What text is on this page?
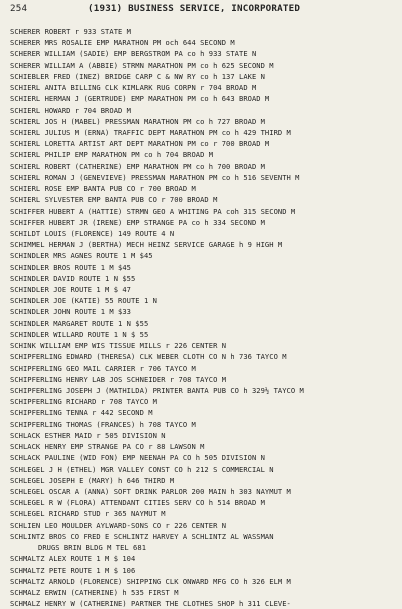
254	(1931) BUSINESS SERVICE, INCORPORATED
SCHERER ROBERT r 933 STATE M
SCHERER MRS ROSALIE EMP MARATHON PM och 644 SECOND M
SCHERER WILLIAM (SADIE) EMP BERGSTROM PA co h 933 STATE N
SCHERER WILLIAM A (ABBIE) STRMN MARATHON PM co h 625 SECOND M
SCHIEBLER FRED (INEZ) BRIDGE CARP C & NW RY co h 137 LAKE N
SCHIERL ANITA BILLING CLK KIMLARK RUG CORPN r 704 BROAD M
SCHIERL HERMAN J (GERTRUDE) EMP MARATHON PM co h 643 BROAD M
SCHIERL HOWARD r 704 BROAD M
SCHIERL JOS H (MABEL) PRESSMAN MARATHON PM co h 727 BROAD M
SCHIERL JULIUS M (ERNA) TRAFFIC DEPT MARATHON PM co h 429 THIRD M
SCHIERL LORETTA ARTIST ART DEPT MARATHON PM co r 700 BROAD M
SCHIERL PHILIP EMP MARATHON PM co h 704 BROAD M
SCHIERL ROBERT (CATHERINE) EMP MARATHON PM co h 700 BROAD M
SCHIERL ROMAN J (GENEVIEVE) PRESSMAN MARATHON PM co h 516 SEVENTH M
SCHIERL ROSE EMP BANTA PUB CO r 700 BROAD M
SCHIERL SYLVESTER EMP BANTA PUB CO r 700 BROAD M
SCHIFFER HUBERT A (HATTIE) STRMN GEO A WHITING PA coh 315 SECOND M
SCHIFFER HUBERT JR (IRENE) EMP STRANGE PA co h 334 SECOND M
SCHILDT LOUIS (FLORENCE) 149 ROUTE 4 N
SCHIMMEL HERMAN J (BERTHA) MECH HEINZ SERVICE GARAGE h 9 HIGH M
SCHINDLER MRS AGNES ROUTE 1 M $45
SCHINDLER BROS ROUTE 1 M $45
SCHINDLER DAVID ROUTE 1 N $55
SCHINDLER JOE ROUTE 1 M $ 47
SCHINDLER JOE (KATIE) 55 ROUTE 1 N
SCHINDLER JOHN ROUTE 1 M $33
SCHINDLER MARGARET ROUTE 1 N $55
SCHINDLER WILLARD ROUTE 1 N $ 55
SCHINK WILLIAM EMP WIS TISSUE MILLS r 226 CENTER N
SCHIPFERLING EDWARD (THERESA) CLK WEBER CLOTH CO N h 736 TAYCO M
SCHIPFERLING GEO MAIL CARRIER r 706 TAYCO M
SCHIPFERLING HENRY LAB JOS SCHNEIDER r 708 TAYCO M
SCHIPFERLING JOSEPH J (MATHILDA) PRINTER BANTA PUB CO h 329½ TAYCO M
SCHIPFERLING RICHARD r 708 TAYCO M
SCHIPFERLING TENNA r 442 SECOND M
SCHIPFERLING THOMAS (FRANCES) h 708 TAYCO M
SCHLACK ESTHER MAID r 505 DIVISION N
SCHLACK HENRY EMP STRANGE PA CO r 88 LAWSON M
SCHLACK PAULINE (WID FON) EMP NEENAH PA CO h 505 DIVISION N
SCHLEGEL J H (ETHEL) MGR VALLEY CONST CO h 212 S COMMERCIAL N
SCHLEGEL JOSEPH E (MARY) h 646 THIRD M
SCHLEGEL OSCAR A (ANNA) SOFT DRINK PARLOR 200 MAIN h 303 NAYMUT M
SCHLEGEL R W (FLORA) ATTENDANT CITIES SERV CO h 514 BROAD M
SCHLEGEL RICHARD STUD r 365 NAYMUT M
SCHLIEN LEO MOULDER AYLWARD-SONS CO r 226 CENTER N
SCHLINTZ BROS CO FRED E SCHLINTZ HARVEY A SCHLINTZ AL WASSMAN
DRUGS BRIN BLDG M TEL 681
SCHMALTZ ALEX ROUTE 1 M $ 104
SCHMALTZ PETE ROUTE 1 M $ 106
SCHMALTZ ARNOLD (FLORENCE) SHIPPING CLK ONWARD MFG CO h 326 ELM M
SCHMALZ ERWIN (CATHERINE) h 535 FIRST M
SCHMALZ HENRY W (CATHERINE) PARTNER THE CLOTHES SHOP h 311 CLEVE-
